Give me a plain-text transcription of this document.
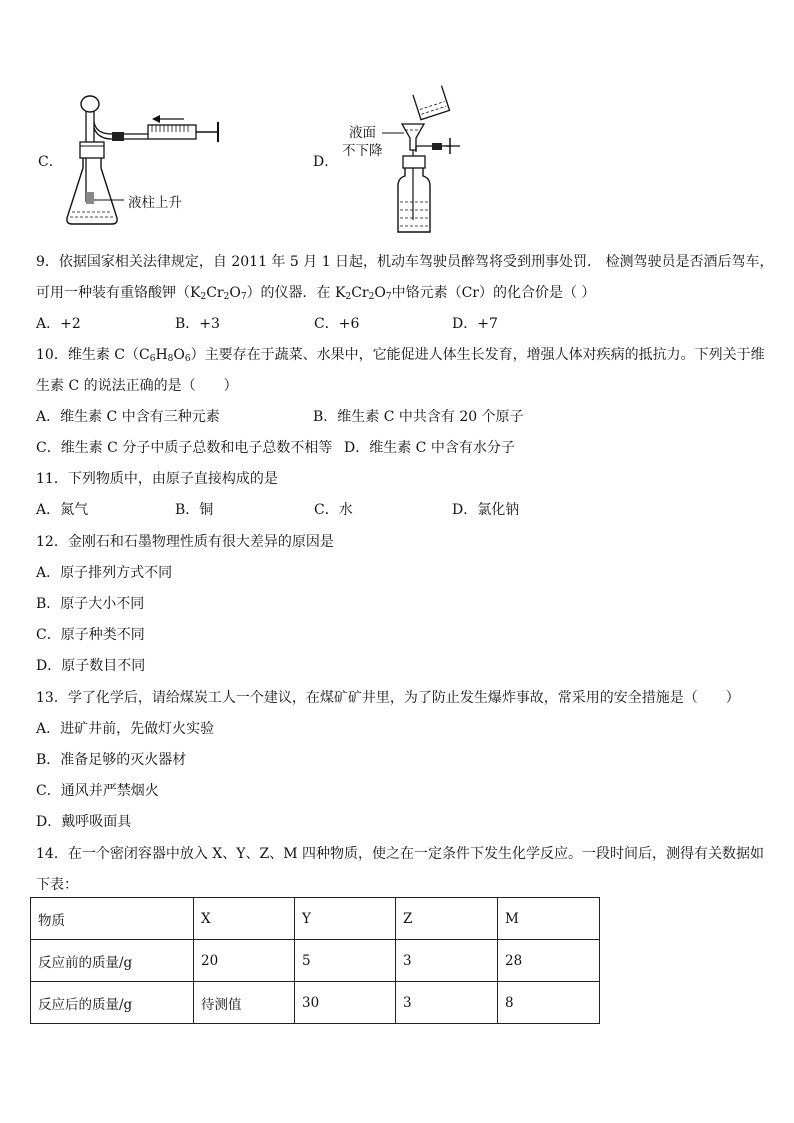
C．
液柱上升
D．
液面
不下降
9．依据国家相关法律规定，自 2011 年 5 月 1 日起，机动车驾驶员醉驾将受到刑事处罚． 检测驾驶员是否酒后驾车，
可用一种装有重铬酸钾$(K_2Cr_2O_7)$的仪器．在 $K_2Cr_2O_7$中铬元素（Cr）的化合价是（ ）
A．+2	B．+3	C．+6	D．+7
10．维生素 $C(C_6H_8O_6)$主要存在于蔬菜、水果中，它能促进人体生长发育，增强人体对疾病的抵抗力。下列关于维
生素 C 的说法正确的是（　　）
A．维生素 C 中含有三种元素	B．维生素 C 中共含有 20 个原子
C．维生素 C 分子中质子总数和电子总数不相等 D．维生素 C 中含有水分子
11．下列物质中，由原子直接构成的是
A．氮气	B．铜	C．水	D．氯化钠
12．金刚石和石墨物理性质有很大差异的原因是
A．原子排列方式不同
B．原子大小不同
C．原子种类不同
D．原子数目不同
13．学了化学后，请给煤炭工人一个建议，在煤矿矿井里，为了防止发生爆炸事故，常采用的安全措施是（　　）
A．进矿井前，先做灯火实验
B．准备足够的灭火器材
C．通风并严禁烟火
D．戴呼吸面具
14．在一个密闭容器中放入 X、Y、Z、M 四种物质，使之在一定条件下发生化学反应。一段时间后，测得有关数据如
下表：
物质	X	Y	Z	M
反应前的质量/g	20	5	3	28
反应后的质量/g	待测值	30	3	8
